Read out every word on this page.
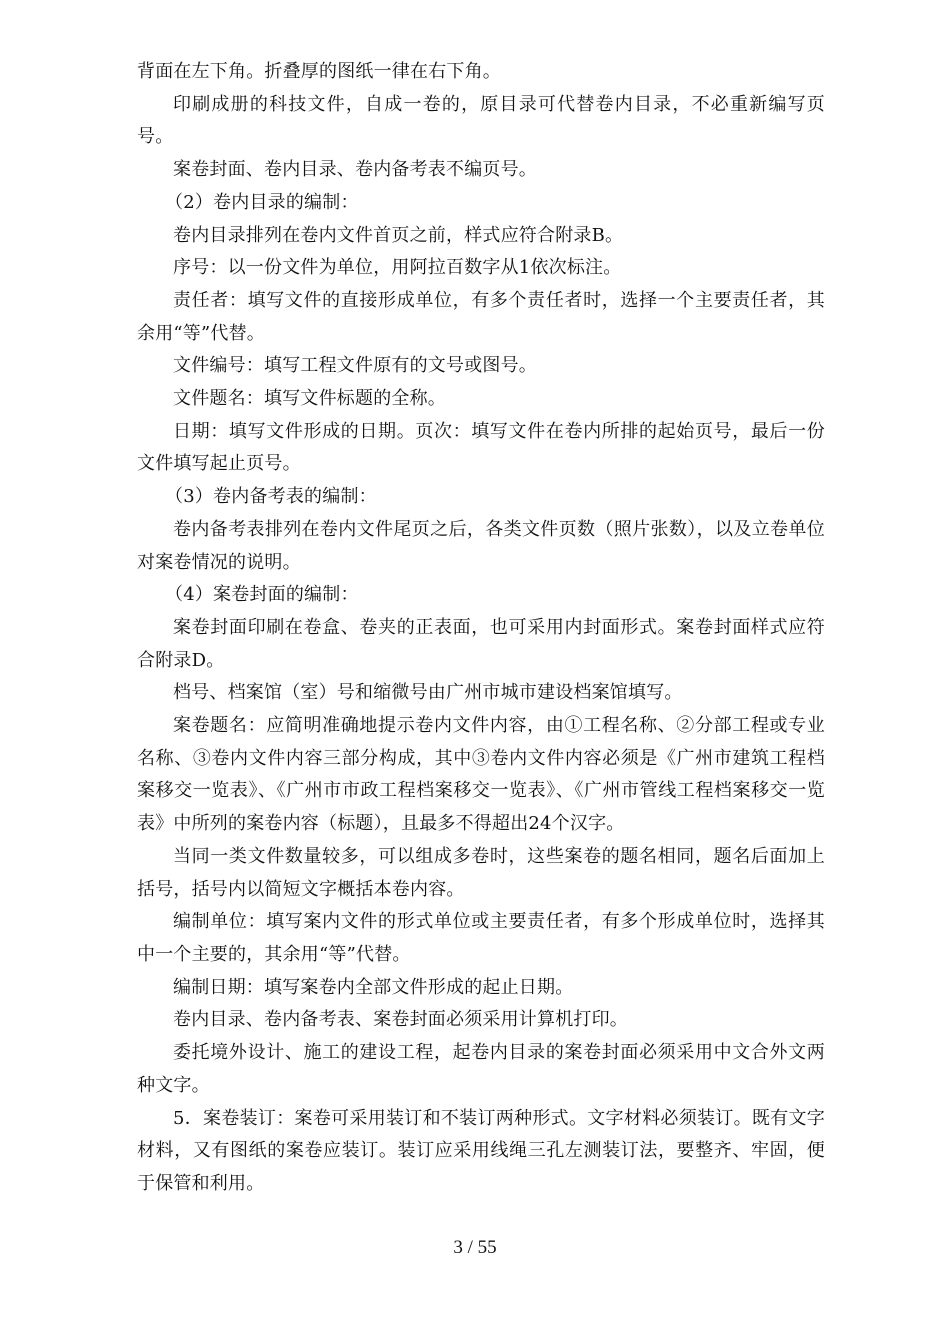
背面在左下角。折叠厚的图纸一律在右下角。

印刷成册的科技文件，自成一卷的，原目录可代替卷内目录，不必重新编写页号。

案卷封面、卷内目录、卷内备考表不编页号。

（2）卷内目录的编制：

卷内目录排列在卷内文件首页之前，样式应符合附录B。

序号：以一份文件为单位，用阿拉百数字从1依次标注。

责任者：填写文件的直接形成单位，有多个责任者时，选择一个主要责任者，其余用“等”代替。

文件编号：填写工程文件原有的文号或图号。

文件题名：填写文件标题的全称。

日期：填写文件形成的日期。页次：填写文件在卷内所排的起始页号，最后一份文件填写起止页号。

（3）卷内备考表的编制：

卷内备考表排列在卷内文件尾页之后，各类文件页数（照片张数），以及立卷单位对案卷情况的说明。

（4）案卷封面的编制：

案卷封面印刷在卷盒、卷夹的正表面，也可采用内封面形式。案卷封面样式应符合附录D。

档号、档案馆（室）号和缩微号由广州市城市建设档案馆填写。

案卷题名：应简明准确地提示卷内文件内容，由①工程名称、②分部工程或专业名称、③卷内文件内容三部分构成，其中③卷内文件内容必须是《广州市建筑工程档案移交一览表》、《广州市市政工程档案移交一览表》、《广州市管线工程档案移交一览表》中所列的案卷内容（标题），且最多不得超出24个汉字。

当同一类文件数量较多，可以组成多卷时，这些案卷的题名相同，题名后面加上括号，括号内以简短文字概括本卷内容。

编制单位：填写案内文件的形式单位或主要责任者，有多个形成单位时，选择其中一个主要的，其余用“等”代替。

编制日期：填写案卷内全部文件形成的起止日期。

卷内目录、卷内备考表、案卷封面必须采用计算机打印。

委托境外设计、施工的建设工程，起卷内目录的案卷封面必须采用中文合外文两种文字。

5．案卷装订：案卷可采用装订和不装订两种形式。文字材料必须装订。既有文字材料，又有图纸的案卷应装订。装订应采用线绳三孔左测装订法，要整齐、牢固，便于保管和利用。

3 / 55
